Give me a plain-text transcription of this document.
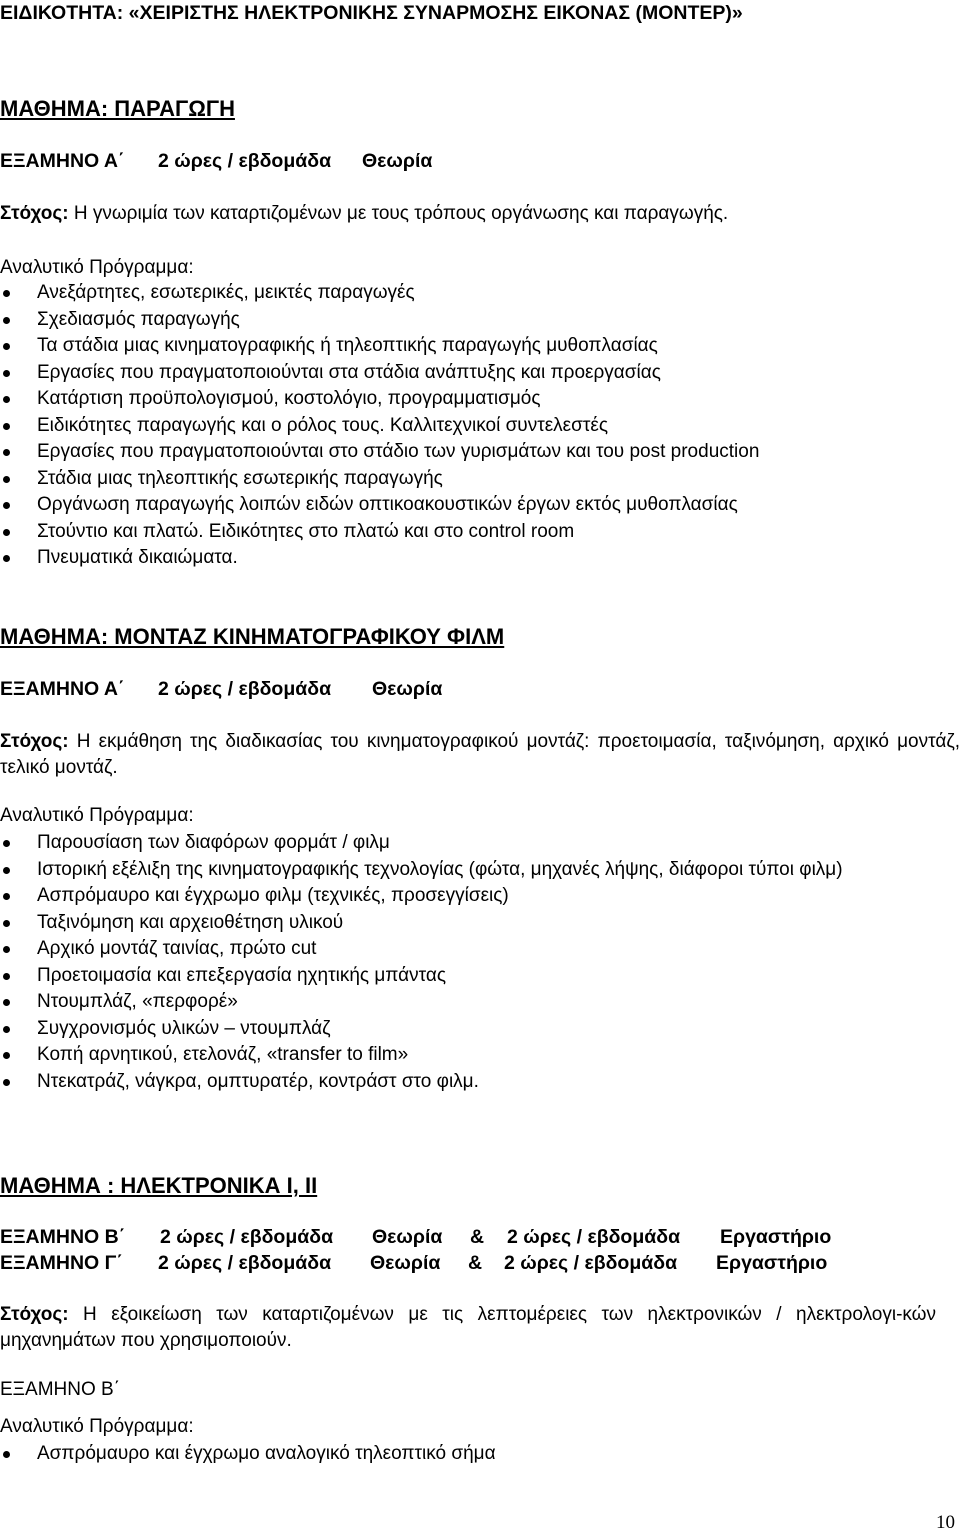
ΕΙΔΙΚΟΤΗΤΑ: «ΧΕΙΡΙΣΤΗΣ ΗΛΕΚΤΡΟΝΙΚΗΣ ΣΥΝΑΡΜΟΣΗΣ ΕΙΚΟΝΑΣ (ΜΟΝΤΕΡ)»
ΜΑΘΗΜΑ: ΠΑΡΑΓΩΓΗ
ΕΞΑΜΗΝΟ Α΄ 2 ώρες / εβδομάδα Θεωρία
Στόχος: Η γνωριμία των καταρτιζομένων με τους τρόπους οργάνωσης και παραγωγής.
Αναλυτικό Πρόγραμμα:
Ανεξάρτητες, εσωτερικές, μεικτές παραγωγές
Σχεδιασμός παραγωγής
Τα στάδια μιας κινηματογραφικής ή τηλεοπτικής παραγωγής μυθοπλασίας
Εργασίες που πραγματοποιούνται στα στάδια ανάπτυξης και προεργασίας
Κατάρτιση προϋπολογισμού, κοστολόγιο, προγραμματισμός
Ειδικότητες παραγωγής και ο ρόλος τους. Καλλιτεχνικοί συντελεστές
Εργασίες που πραγματοποιούνται στο στάδιο των γυρισμάτων και του post production
Στάδια μιας τηλεοπτικής εσωτερικής παραγωγής
Οργάνωση παραγωγής λοιπών ειδών οπτικοακουστικών έργων εκτός μυθοπλασίας
Στούντιο και πλατώ. Ειδικότητες στο πλατώ και στο control room
Πνευματικά δικαιώματα.
ΜΑΘΗΜΑ: ΜΟΝΤΑΖ ΚΙΝΗΜΑΤΟΓΡΑΦΙΚΟΥ ΦΙΛΜ
ΕΞΑΜΗΝΟ Α΄ 2 ώρες / εβδομάδα Θεωρία
Στόχος: Η εκμάθηση της διαδικασίας του κινηματογραφικού μοντάζ: προετοιμασία, ταξινόμηση, αρχικό μοντάζ, τελικό μοντάζ.
Αναλυτικό Πρόγραμμα:
Παρουσίαση των διαφόρων φορμάτ / φιλμ
Ιστορική εξέλιξη της κινηματογραφικής τεχνολογίας (φώτα, μηχανές λήψης, διάφοροι τύποι φιλμ)
Ασπρόμαυρο και έγχρωμο φιλμ (τεχνικές, προσεγγίσεις)
Ταξινόμηση και αρχειοθέτηση υλικού
Αρχικό μοντάζ ταινίας, πρώτο cut
Προετοιμασία και επεξεργασία ηχητικής μπάντας
Ντουμπλάζ, «περφορέ»
Συγχρονισμός υλικών – ντουμπλάζ
Κοπή αρνητικού, ετελονάζ, «transfer to film»
Ντεκατράζ, νάγκρα, ομπτυρατέρ, κοντράστ στο φιλμ.
ΜΑΘΗΜΑ : ΗΛΕΚΤΡΟΝΙΚΑ Ι, ΙΙ
ΕΞΑΜΗΝΟ Β΄ 2 ώρες / εβδομάδα Θεωρία & 2 ώρες / εβδομάδα Εργαστήριο
ΕΞΑΜΗΝΟ Γ΄ 2 ώρες / εβδομάδα Θεωρία & 2 ώρες / εβδομάδα Εργαστήριο
Στόχος: Η εξοικείωση των καταρτιζομένων με τις λεπτομέρειες των ηλεκτρονικών / ηλεκτρολογι-κών μηχανημάτων που χρησιμοποιούν.
ΕΞΑΜΗΝΟ Β΄
Αναλυτικό Πρόγραμμα:
Ασπρόμαυρο και έγχρωμο αναλογικό τηλεοπτικό σήμα
10
